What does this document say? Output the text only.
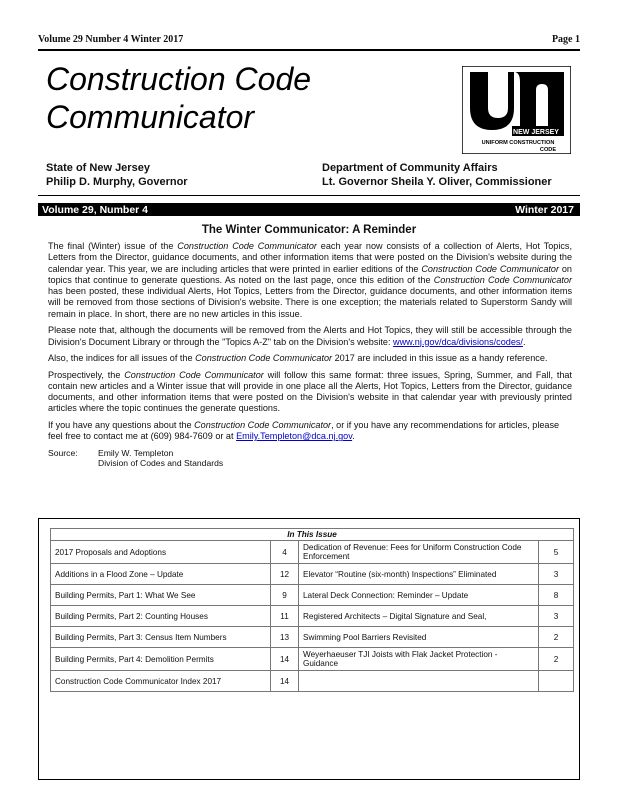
Volume 29 Number 4 Winter 2017	Page 1
Construction Code
Communicator	NEW JERSEY
UNIFORM CONSTRUCTION
CODE
State of New Jersey
Philip D. Murphy, Governor
Department of Community Affairs
Lt. Governor Sheila Y. Oliver, Commissioner
Volume 29, Number 4	Winter 2017
The Winter Communicator: A Reminder

The final (Winter) issue of the Construction Code Communicator each year now consists of a collection of Alerts, Hot Topics, Letters from the Director, guidance documents, and other information items that were posted on the Division's website during the calendar year. This year, we are including articles that were printed in earlier editions of the Construction Code Communicator on topics that continue to generate questions. As noted on the last page, once this edition of the Construction Code Communicator has been posted, these individual Alerts, Hot Topics, Letters from the Director, guidance documents, and other information items will be removed from those sections of Division's website. There is one exception; the materials related to Superstorm Sandy will remain in place. In short, there are no new articles in this issue.

Please note that, although the documents will be removed from the Alerts and Hot Topics, they will still be accessible through the Division's Document Library or through the "Topics A-Z" tab on the Division's website: www.nj.gov/dca/divisions/codes/.

Also, the indices for all issues of the Construction Code Communicator 2017 are included in this issue as a handy reference.

Prospectively, the Construction Code Communicator will follow this same format: three issues, Spring, Summer, and Fall, that contain new articles and a Winter issue that will provide in one place all the Alerts, Hot Topics, Letters from the Director, guidance documents, and other information items that were posted on the Division's website in that calendar year with previously printed articles where the topic continues the generate questions.

If you have any questions about the Construction Code Communicator, or if you have any recommendations for articles, please feel free to contact me at (609) 984-7609 or at Emily.Templeton@dca.nj.gov.

Source:	Emily W. Templeton
Division of Codes and Standards
In This Issue			
2017 Proposals and Adoptions	4	Dedication of Revenue: Fees for Uniform Construction Code Enforcement	5
Additions in a Flood Zone – Update	12	Elevator “Routine (six-month) Inspections” Eliminated	3
Building Permits, Part 1: What We See	9	Lateral Deck Connection: Reminder – Update	8
Building Permits, Part 2: Counting Houses	11	Registered Architects – Digital Signature and Seal,	3
Building Permits, Part 3: Census Item Numbers	13	Swimming Pool Barriers Revisited	2
Building Permits, Part 4: Demolition Permits	14	Weyerhaeuser TJI Joists with Flak Jacket Protection - Guidance	2
Construction Code Communicator Index 2017	14		
